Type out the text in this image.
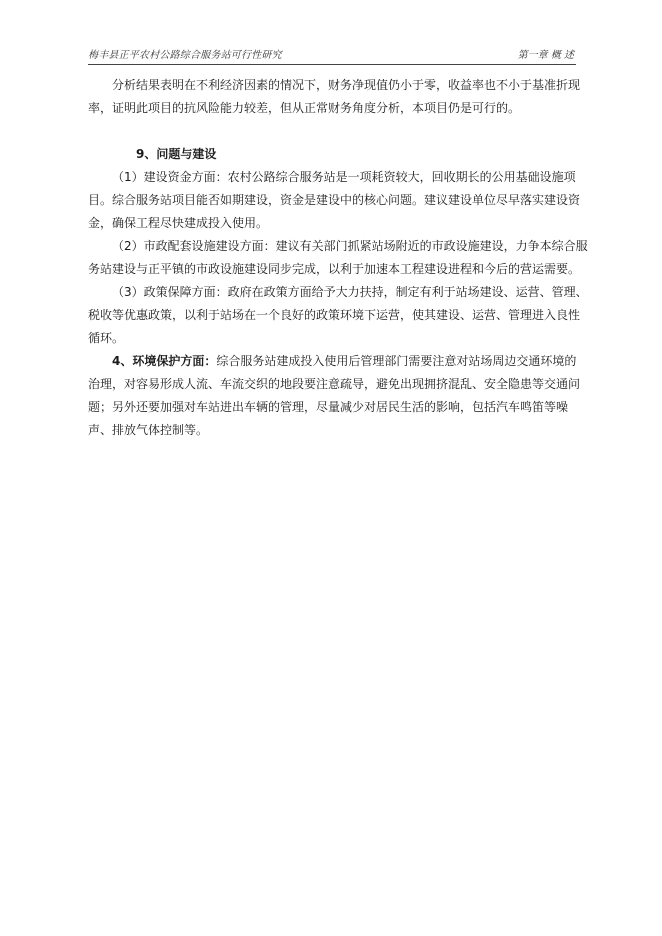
梅丰县正平农村公路综合服务站可行性研究	第一章 概 述

分析结果表明在不利经济因素的情况下，财务净现值仍小于零，收益率也不小于基准折现率，证明此项目的抗风险能力较差，但从正常财务角度分析，本项目仍是可行的。

9、问题与建设

（1）建设资金方面：农村公路综合服务站是一项耗资较大，回收期长的公用基础设施项目。综合服务站项目能否如期建设，资金是建设中的核心问题。建议建设单位尽早落实建设资金，确保工程尽快建成投入使用。

（2）市政配套设施建设方面：建议有关部门抓紧站场附近的市政设施建设，力争本综合服务站建设与正平镇的市政设施建设同步完成，以利于加速本工程建设进程和今后的营运需要。

（3）政策保障方面：政府在政策方面给予大力扶持，制定有利于站场建设、运营、管理、税收等优惠政策，以利于站场在一个良好的政策环境下运营，使其建设、运营、管理进入良性循环。

4、环境保护方面：综合服务站建成投入使用后管理部门需要注意对站场周边交通环境的治理，对容易形成人流、车流交织的地段要注意疏导，避免出现拥挤混乱、安全隐患等交通问题；另外还要加强对车站进出车辆的管理，尽量减少对居民生活的影响，包括汽车鸣笛等噪声、排放气体控制等。
